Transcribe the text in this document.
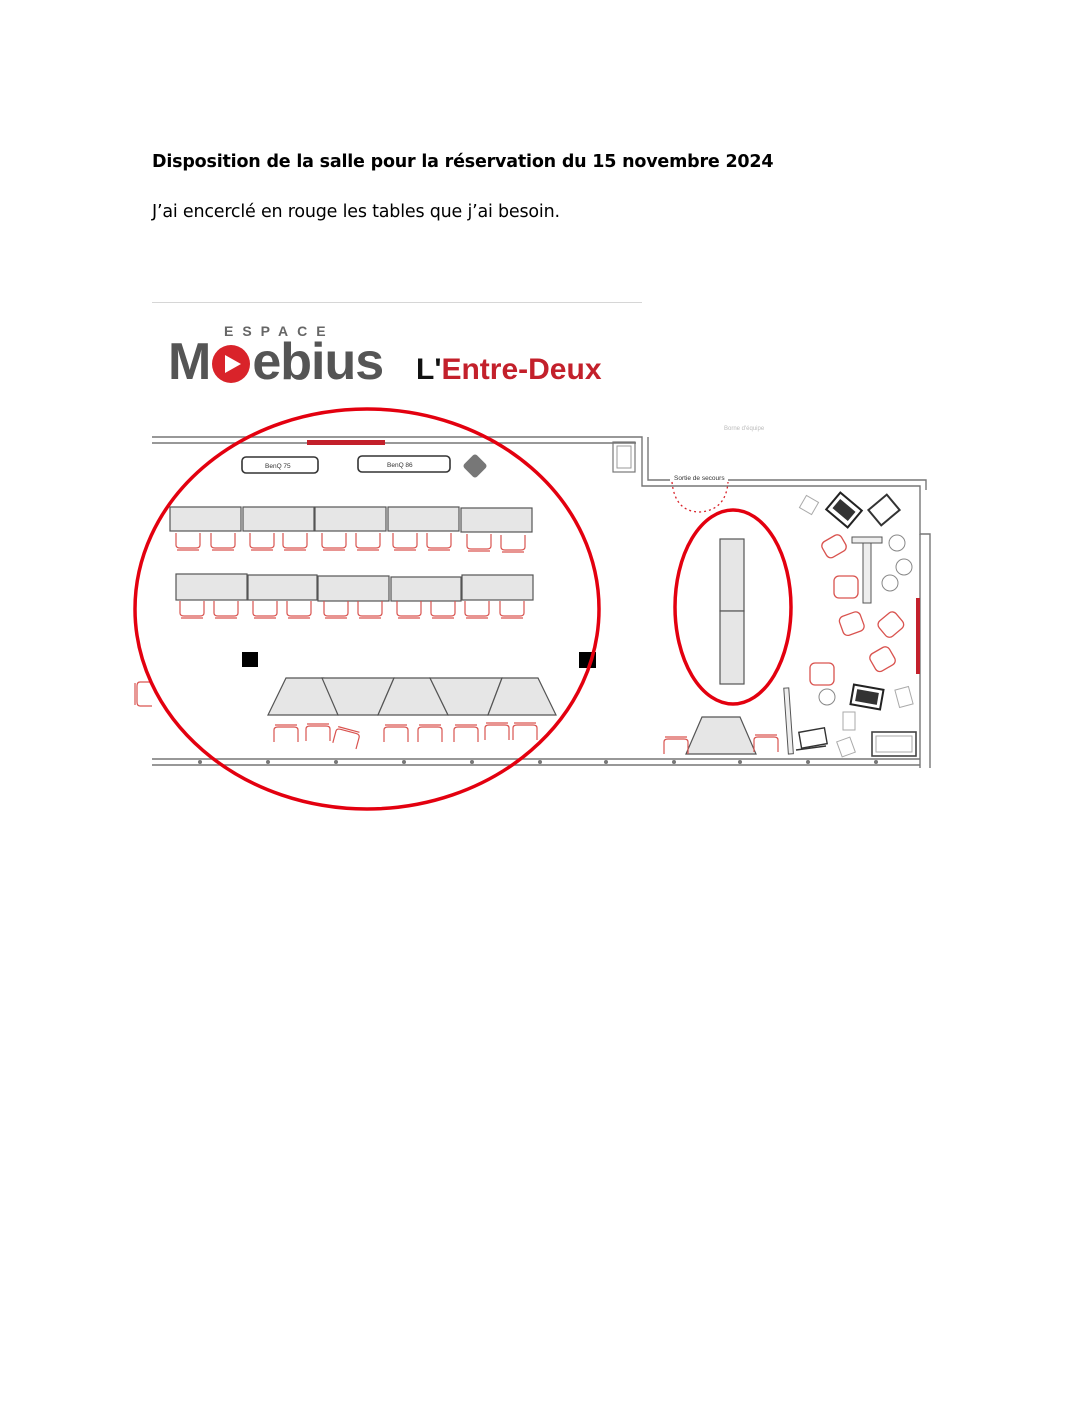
Disposition de la salle pour la réservation du 15 novembre 2024
J’ai encerclé en rouge les tables que j’ai besoin.
ESPACE
M ebius L'Entre-Deux
Sortie de secours
Borne d'équipe
BenQ 75	BenQ 86
